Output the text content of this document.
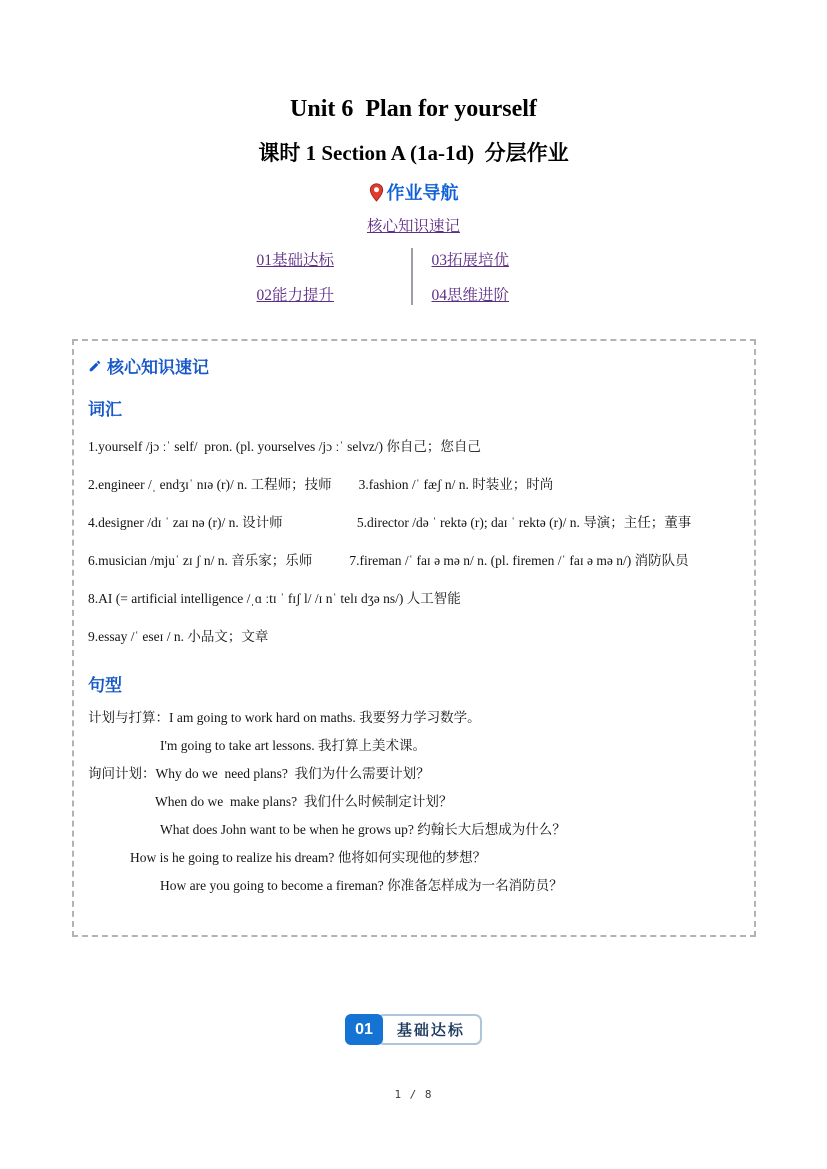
Unit 6  Plan for yourself
课时 1 Section A (1a-1d)  分层作业
作业导航
核心知识速记
01基础达标
02能力提升
03拓展培优
04思维进阶
核心知识速记
词汇
1.yourself /jɔ ːˈ self/  pron. (pl. yourselves /jɔ ːˈ selvz/) 你自己；您自己
2.engineer /ˌ endʒɪˈ nɪə (r)/ n. 工程师；技师        3.fashion /ˈ fæʃ n/ n. 时装业；时尚
4.designer /dɪ ˈ zaɪ nə (r)/ n. 设计师                      5.director /də ˈ rektə (r); daɪ ˈ rektə (r)/ n. 导演；主任；董事
6.musician /mjuˈ zɪ ʃ n/ n. 音乐家；乐师           7.fireman /ˈ faɪ ə mə n/ n. (pl. firemen /ˈ faɪ ə mə n/) 消防队员
8.AI (= artificial intelligence /ˌɑ ːtɪ ˈ fɪʃ l/ /ɪ nˈ telɪ dʒə ns/) 人工智能
9.essay /ˈ eseɪ / n. 小品文；文章
句型
计划与打算：I am going to work hard on maths. 我要努力学习数学。
I'm going to take art lessons. 我打算上美术课。
询问计划：Why do we  need plans?  我们为什么需要计划？
When do we  make plans?  我们什么时候制定计划？
What does John want to be when he grows up? 约翰长大后想成为什么？
How is he going to realize his dream? 他将如何实现他的梦想？
How are you going to become a fireman? 你准备怎样成为一名消防员？
01	基础达标
1 / 8
